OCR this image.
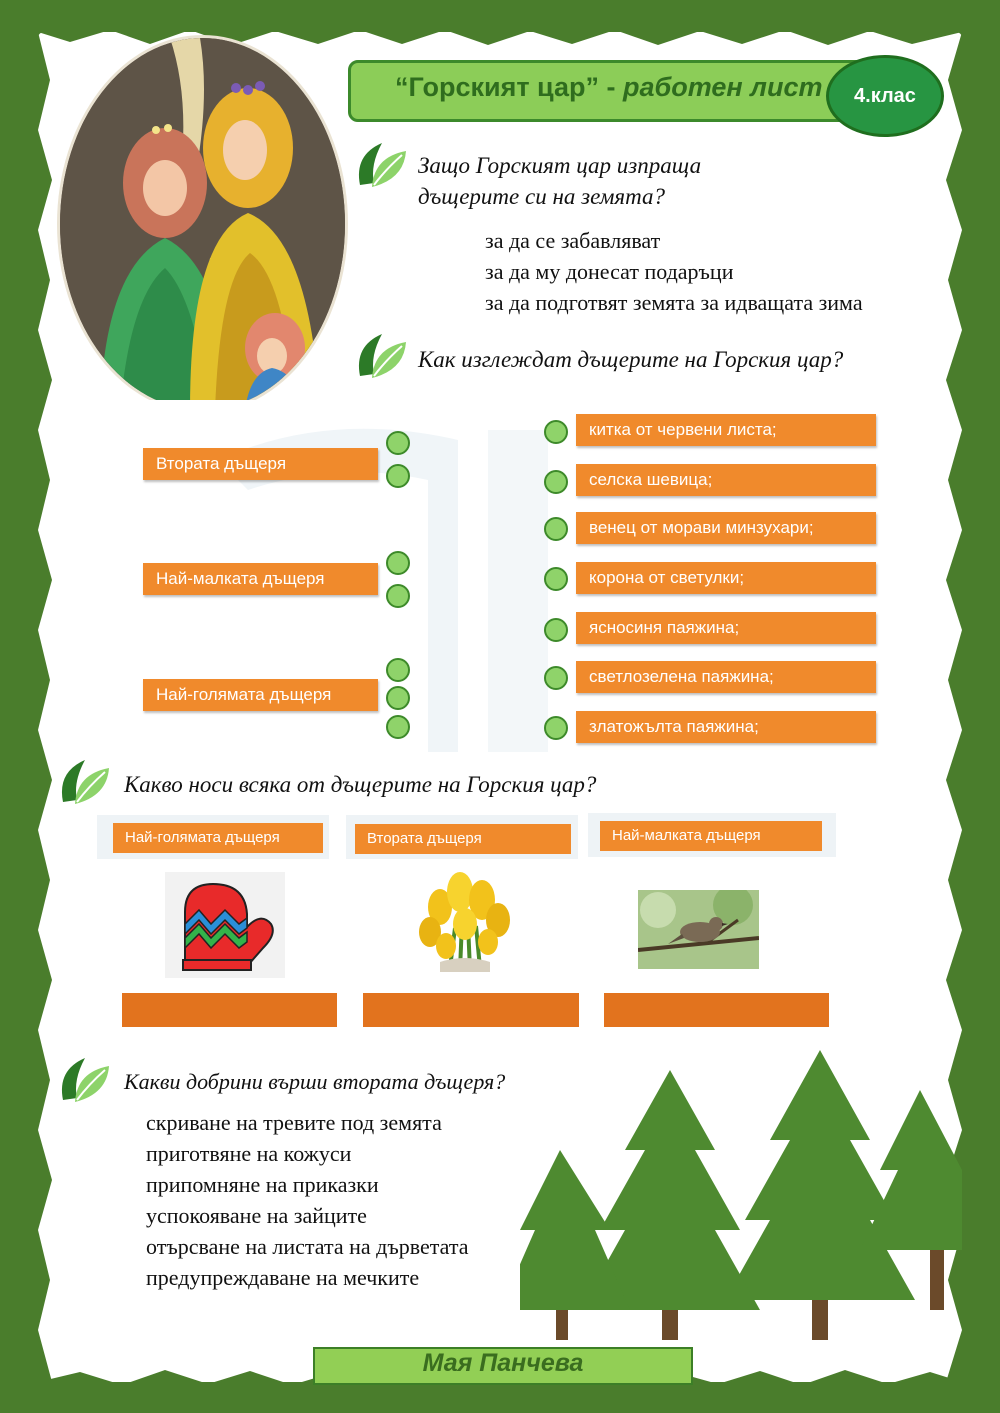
“Горският цар” - работен лист 4.клас
Защо Горският цар изпраща
дъщерите си на земята?
за да се забавляват
за да му донесат подаръци
за да подготвят земята за идващата зима
Как изглеждат дъщерите на Горския цар?
Втората дъщеря
Най-малката дъщеря
Най-голямата дъщеря
китка от червени листа;
селска шевица;
венец от морави минзухари;
корона от светулки;
ясносиня паяжина;
светлозелена паяжина;
златожълта паяжина;
Какво носи всяка от дъщерите на Горския цар?
Най-голямата дъщеря	Втората дъщеря	Най-малката дъщеря
Какви добрини върши втората дъщеря?
скриване на тревите под земята
приготвяне на кожуси
припомняне на приказки
успокояване на зайците
отърсване на листата на дърветата
предупреждаване на мечките
Мая Панчева
